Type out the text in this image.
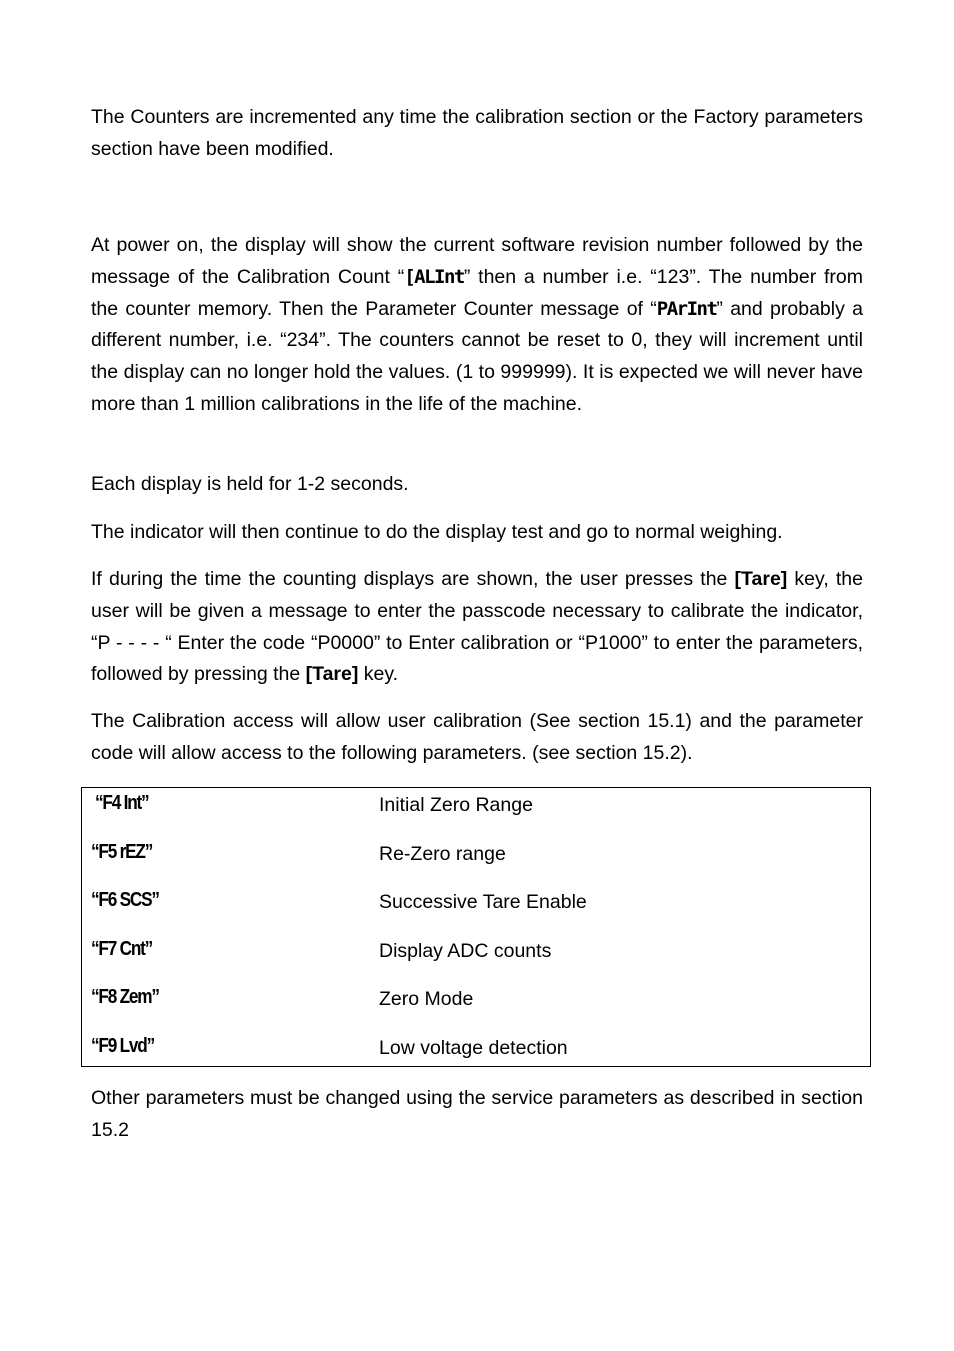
The Counters are incremented any time the calibration section or the Factory parameters section have been modified.

At power on, the display will show the current software revision number followed by the message of the Calibration Count “[ALInt” then a number i.e. “123”. The number from the counter memory. Then the Parameter Counter message of “PArInt” and probably a different number, i.e. “234”. The counters cannot be reset to 0, they will increment until the display can no longer hold the values. (1 to 999999). It is expected we will never have more than 1 million calibrations in the life of the machine.

Each display is held for 1-2 seconds.

The indicator will then continue to do the display test and go to normal weighing.

If during the time the counting displays are shown, the user presses the [Tare] key, the user will be given a message to enter the passcode necessary to calibrate the indicator, “P - - - - “ Enter the code “P0000” to Enter calibration or “P1000” to enter the parameters, followed by pressing the [Tare] key.

The Calibration access will allow user calibration (See section 15.1) and the parameter code will allow access to the following parameters. (see section 15.2).

Other parameters must be changed using the service parameters as described in section 15.2

“F4 Int”	Initial Zero Range
“F5 rEZ”	Re-Zero range
“F6 SCS”	Successive Tare Enable
“F7 Cnt”	Display ADC counts
“F8 Zem”	Zero Mode
“F9 Lvd”	Low voltage detection
